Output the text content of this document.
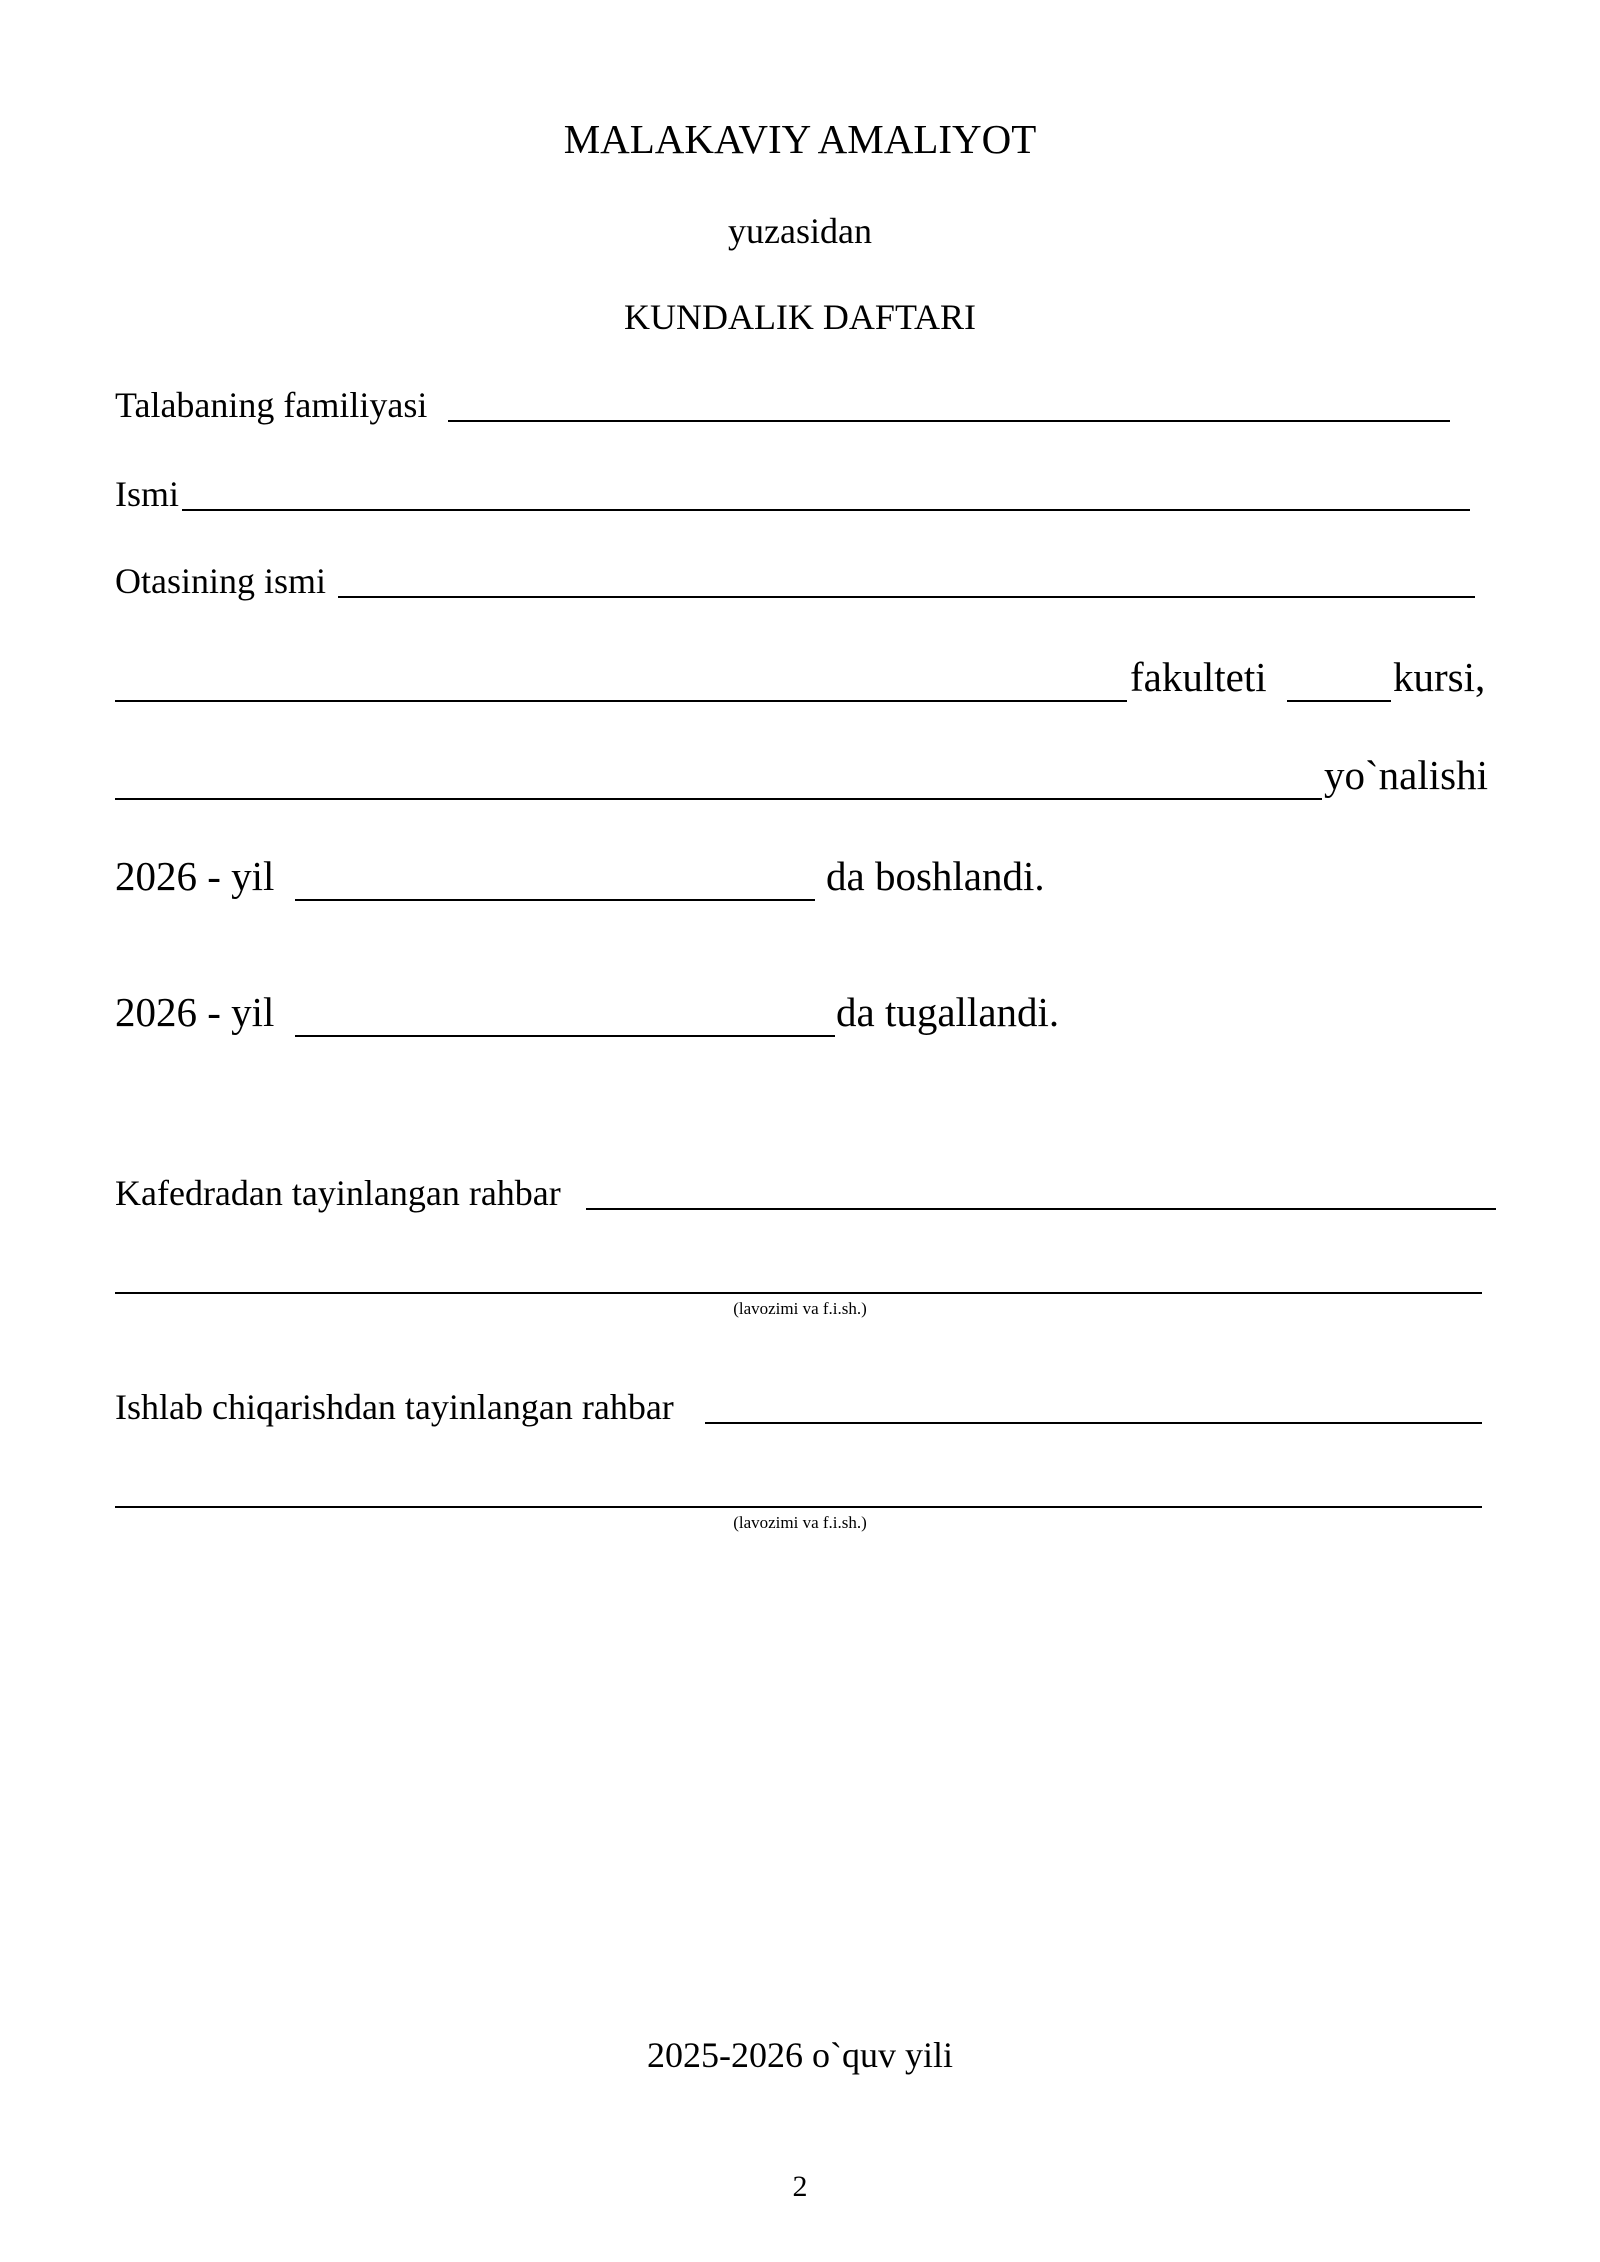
MALAKAVIY AMALIYOT
yuzasidan
KUNDALIK DAFTARI
Talabaning familiyasi
Ismi
Otasining ismi
fakulteti	kursi,
yo`nalishi
2026 - yil	da boshlandi.
2026 - yil	da tugallandi.
Kafedradan tayinlangan rahbar
(lavozimi va f.i.sh.)
Ishlab chiqarishdan tayinlangan rahbar
(lavozimi va f.i.sh.)
2025-2026 o`quv yili
2
